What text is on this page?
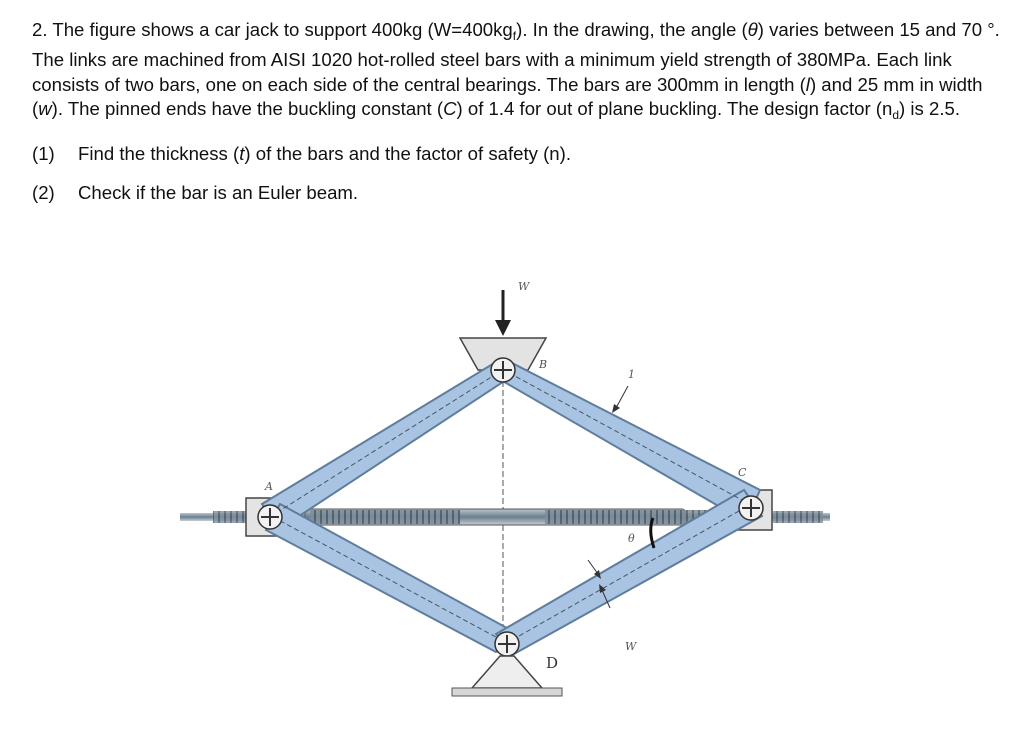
2. The figure shows a car jack to support 400kg $(W=400kg_f)$. In the drawing, the angle (θ) varies between 15 and 70 °. The links are machined from AISI 1020 hot-rolled steel bars with a minimum yield strength of 380MPa. Each link consists of two bars, one on each side of the central bearings. The bars are 300mm in length (l) and 25 mm in width (w). The pinned ends have the buckling constant (C) of 1.4 for out of plane buckling. The design factor $(n_d)$ is 2.5.

(1)	Find the thickness (t) of the bars and the factor of safety (n).
(2)	Check if the bar is an Euler beam.
W
B
1
A
C
θ
D
W
